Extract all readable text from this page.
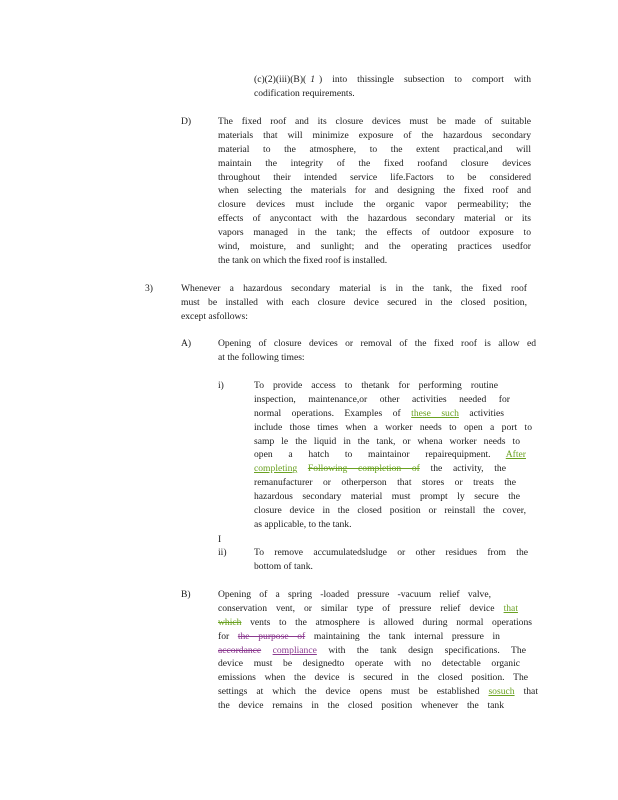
(c)(2)(iii)(B)( 1 ) into thissingle subsection to comport with
codification requirements.
D)	The fixed roof and its closure devices must be made of suitable
materials that will minimize exposure of the hazardous secondary
material to the atmosphere, to the extent practical,and will
maintain the integrity of the fixed roofand closure devices
throughout their intended service life.Factors to be considered
when selecting the materials for and designing the fixed roof and
closure devices must include the organic vapor permeability; the
effects of anycontact with the hazardous secondary material or its
vapors managed in the tank; the effects of outdoor exposure to
wind, moisture, and sunlight; and the operating practices usedfor
the tank on which the fixed roof is installed.
3)	Whenever a hazardous secondary material is in the tank, the fixed roof
must be installed with each closure device secured in the closed position,
except asfollows:
A)	Opening of closure devices or removal of the fixed roof is allow ed
at the following times:
i)	To provide access to thetank for performing routine
inspection, maintenance,or other activities needed for
normal operations. Examples of these such activities
include those times when a worker needs to open a port to
samp le the liquid in the tank, or whena worker needs to
open a hatch to maintainor repairequipment. After
completing Following completion of the activity, the
remanufacturer or otherperson that stores or treats the
hazardous secondary material must prompt ly secure the
closure device in the closed position or reinstall the cover,
as applicable, to the tank.
I
ii)	To remove accumulatedsludge or other residues from the
bottom of tank.
B)	Opening of a spring -loaded pressure -vacuum relief valve,
conservation vent, or similar type of pressure relief device that
which vents to the atmosphere is allowed during normal operations
for the purpose of maintaining the tank internal pressure in
accordance compliance with the tank design specifications. The
device must be designedto operate with no detectable organic
emissions when the device is secured in the closed position. The
settings at which the device opens must be established sosuch that
the device remains in the closed position whenever the tank
